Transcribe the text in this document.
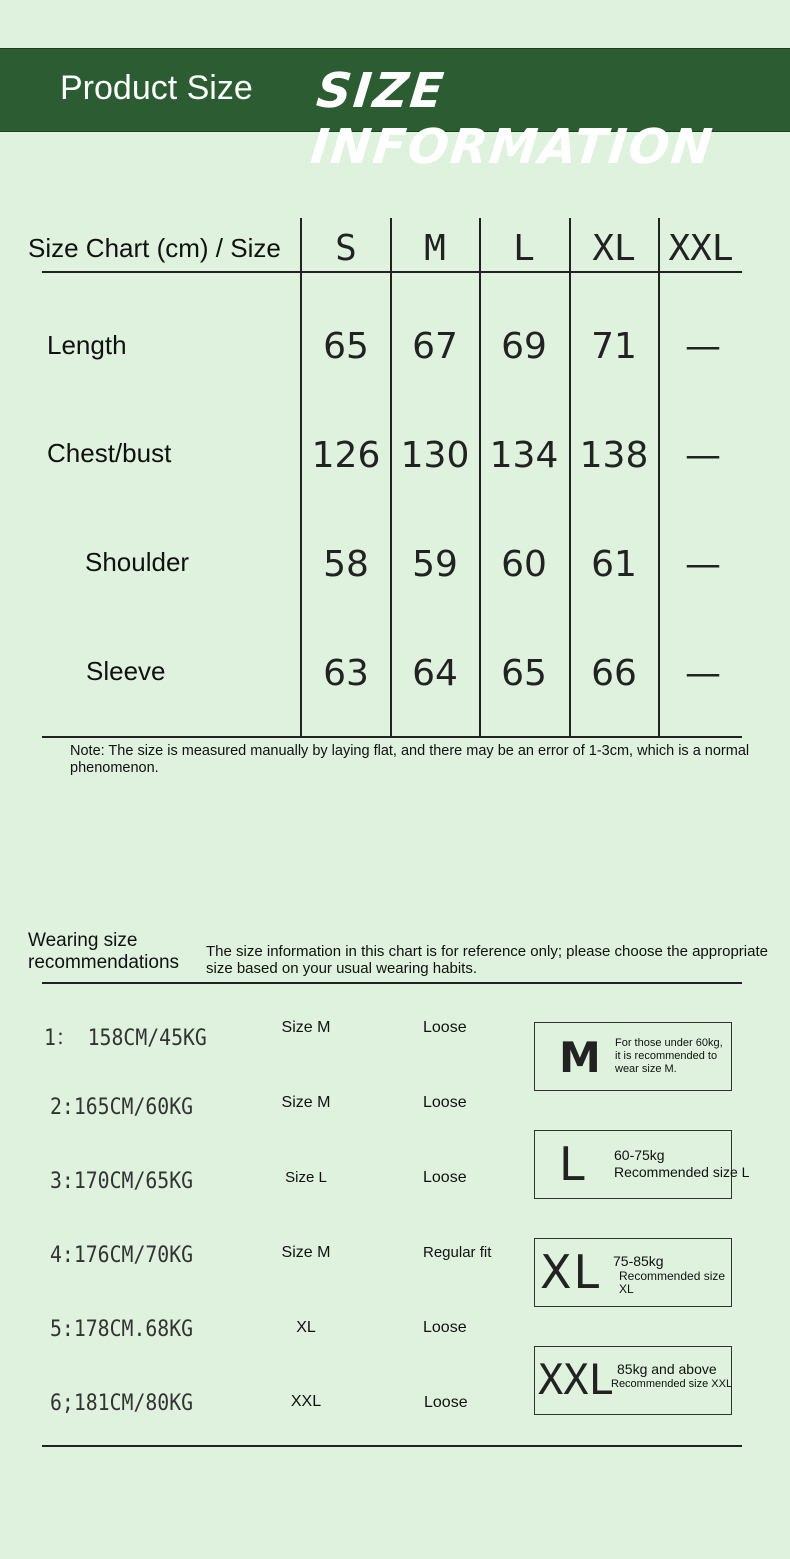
Product Size SIZE INFORMATION
Size Chart (cm) / Size	S	M	L	XL XXL
Length	65	67	69	71	—
Chest/bust	126 130 134 138	—
Shoulder	58	59	60	61	—
Sleeve	63	64	65	66	—
Note: The size is measured manually by laying flat, and there may be an error of 1-3cm, which is a normal phenomenon.
Wearing size
recommendations
The size information in this chart is for reference only; please choose the appropriate size based on your usual wearing habits.
1： 158CM/45KG	Size M	Loose
2:165CM/60KG	Size M	Loose
3:170CM/65KG	Size L	Loose
4:176CM/70KG	Size M	Regular fit
5:178CM.68KG	XL	Loose
6;181CM/80KG	XXL	Loose
M For those under 60kg,
it is recommended to
wear size M.
L 60-75kg
Recommended size L
XL 75-85kg
Recommended size
XL
XXL 85kg and above
Recommended size XXL
